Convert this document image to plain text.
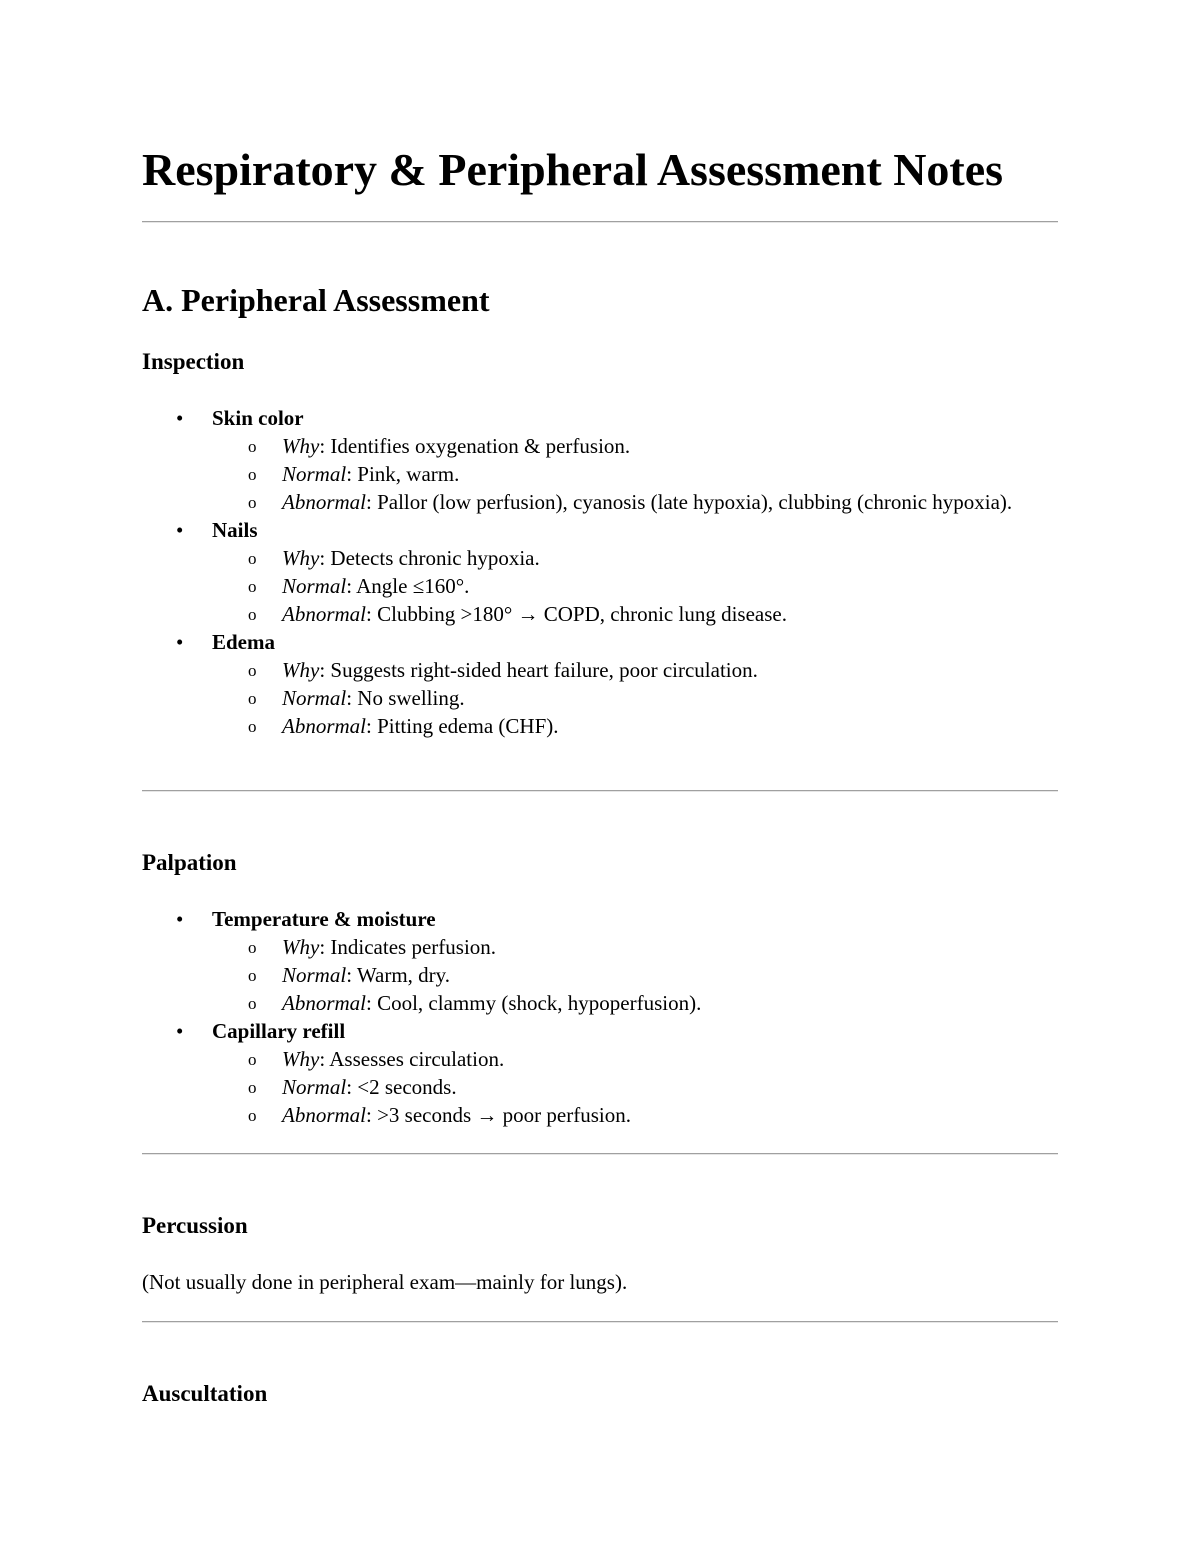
Respiratory & Peripheral Assessment Notes
A. Peripheral Assessment
Inspection
• Skin color
o Why: Identifies oxygenation & perfusion.
o Normal: Pink, warm.
o Abnormal: Pallor (low perfusion), cyanosis (late hypoxia), clubbing (chronic hypoxia).
• Nails
o Why: Detects chronic hypoxia.
o Normal: Angle ≤160°.
o Abnormal: Clubbing >180° → COPD, chronic lung disease.
• Edema
o Why: Suggests right-sided heart failure, poor circulation.
o Normal: No swelling.
o Abnormal: Pitting edema (CHF).
Palpation
• Temperature & moisture
o Why: Indicates perfusion.
o Normal: Warm, dry.
o Abnormal: Cool, clammy (shock, hypoperfusion).
• Capillary refill
o Why: Assesses circulation.
o Normal: <2 seconds.
o Abnormal: >3 seconds → poor perfusion.
Percussion

(Not usually done in peripheral exam—mainly for lungs).

Auscultation
